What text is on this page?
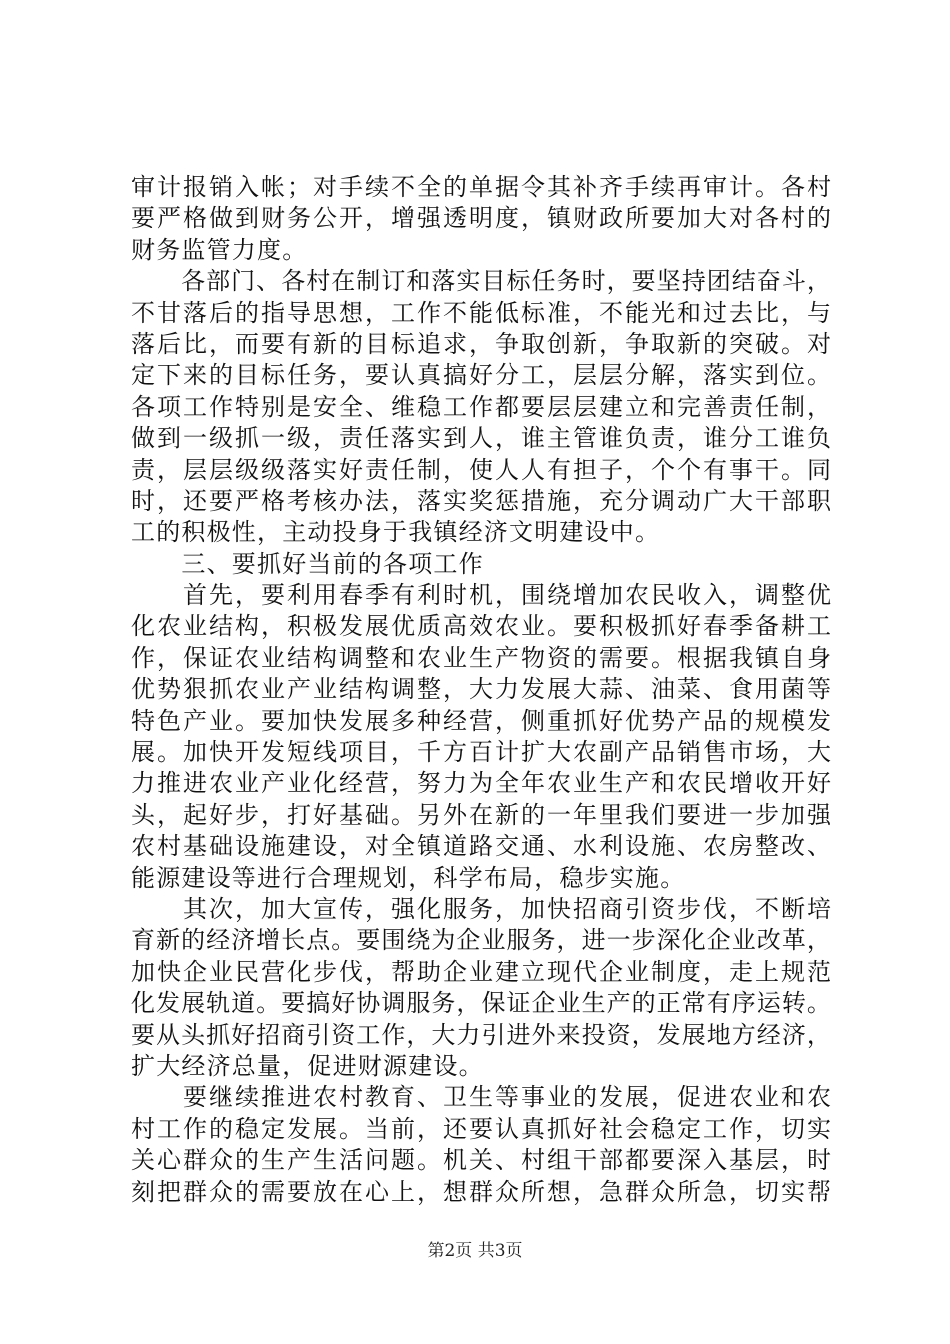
审 计 报 销 入 帐 ； 对 手 续 不 全 的 单 据 令 其 补 齐 手 续 再 审 计 。 各 村
要 严 格 做 到 财 务 公 开 ， 增 强 透 明 度 ， 镇 财 政 所 要 加 大 对 各 村 的
财务监管力度。

各 部 门 、 各 村 在 制 订 和 落 实 目 标 任 务 时 ， 要 坚 持 团 结 奋 斗 ，
不 甘 落 后 的 指 导 思 想 ， 工 作 不 能 低 标 准 ， 不 能 光 和 过 去 比 ， 与
落 后 比 ， 而 要 有 新 的 目 标 追 求 ， 争 取 创 新 ， 争 取 新 的 突 破 。 对
定 下 来 的 目 标 任 务 ， 要 认 真 搞 好 分 工 ， 层 层 分 解 ， 落 实 到 位 。
各 项 工 作 特 别 是 安 全 、 维 稳 工 作 都 要 层 层 建 立 和 完 善 责 任 制 ，
做 到 一 级 抓 一 级 ， 责 任 落 实 到 人 ， 谁 主 管 谁 负 责 ， 谁 分 工 谁 负
责 ， 层 层 级 级 落 实 好 责 任 制 ， 使 人 人 有 担 子 ， 个 个 有 事 干 。 同
时 ， 还 要 严 格 考 核 办 法 ， 落 实 奖 惩 措 施 ， 充 分 调 动 广 大 干 部 职
工的积极性，主动投身于我镇经济文明建设中。
　　三、要抓好当前的各项工作

首 先 ， 要 利 用 春 季 有 利 时 机 ， 围 绕 增 加 农 民 收 入 ， 调 整 优
化 农 业 结 构 ， 积 极 发 展 优 质 高 效 农 业 。 要 积 极 抓 好 春 季 备 耕 工
作 ， 保 证 农 业 结 构 调 整 和 农 业 生 产 物 资 的 需 要 。 根 据 我 镇 自 身
优 势 狠 抓 农 业 产 业 结 构 调 整 ， 大 力 发 展 大 蒜 、 油 菜 、 食 用 菌 等
特 色 产 业 。 要 加 快 发 展 多 种 经 营 ， 侧 重 抓 好 优 势 产 品 的 规 模 发
展 。 加 快 开 发 短 线 项 目 ， 千 方 百 计 扩 大 农 副 产 品 销 售 市 场 ， 大
力 推 进 农 业 产 业 化 经 营 ， 努 力 为 全 年 农 业 生 产 和 农 民 增 收 开 好
头 ， 起 好 步 ， 打 好 基 础 。 另 外 在 新 的 一 年 里 我 们 要 进 一 步 加 强
农 村 基 础 设 施 建 设 ， 对 全 镇 道 路 交 通 、 水 利 设 施 、 农 房 整 改 、
能源建设等进行合理规划，科学布局，稳步实施。

其 次 ， 加 大 宣 传 ， 强 化 服 务 ， 加 快 招 商 引 资 步 伐 ， 不 断 培
育 新 的 经 济 增 长 点 。 要 围 绕 为 企 业 服 务 ， 进 一 步 深 化 企 业 改 革 ，
加 快 企 业 民 营 化 步 伐 ， 帮 助 企 业 建 立 现 代 企 业 制 度 ， 走 上 规 范
化 发 展 轨 道 。 要 搞 好 协 调 服 务 ， 保 证 企 业 生 产 的 正 常 有 序 运 转 。
要 从 头 抓 好 招 商 引 资 工 作 ， 大 力 引 进 外 来 投 资 ， 发 展 地 方 经 济 ，
扩大经济总量，促进财源建设。

要 继 续 推 进 农 村 教 育 、 卫 生 等 事 业 的 发 展 ， 促 进 农 业 和 农
村 工 作 的 稳 定 发 展 。 当 前 ， 还 要 认 真 抓 好 社 会 稳 定 工 作 ， 切 实
关 心 群 众 的 生 产 生 活 问 题 。 机 关 、 村 组 干 部 都 要 深 入 基 层 ， 时
刻 把 群 众 的 需 要 放 在 心 上 ， 想 群 众 所 想 ， 急 群 众 所 急 ， 切 实 帮
第2页 共3页
